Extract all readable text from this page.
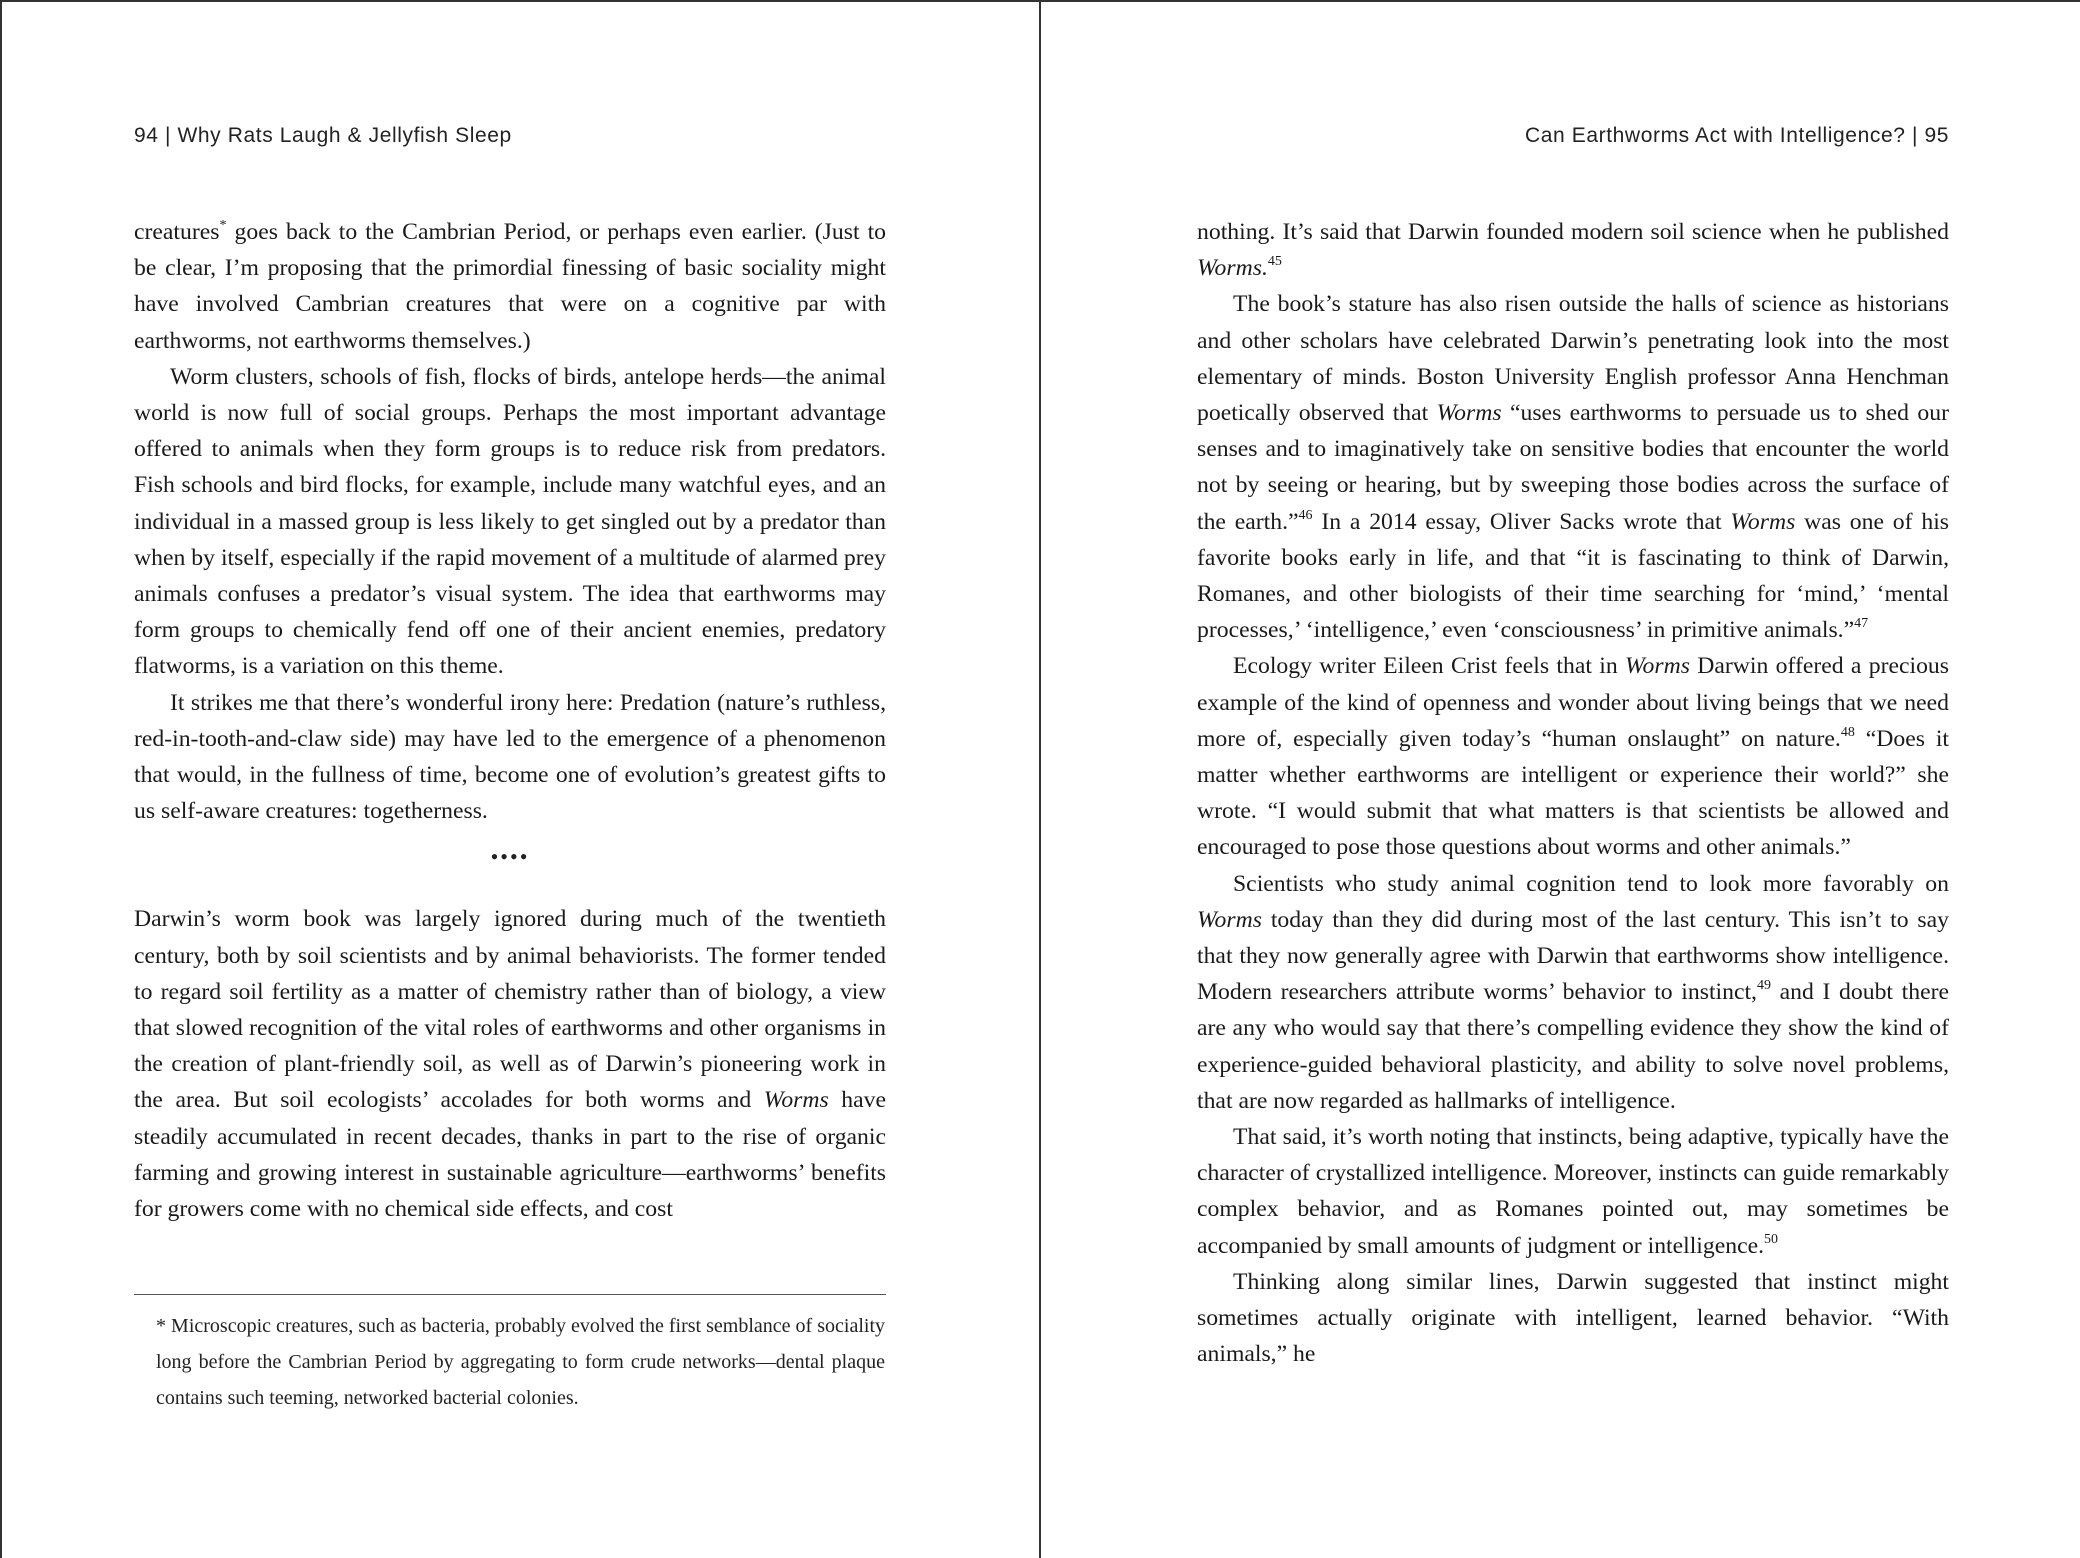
94 | Why Rats Laugh & Jellyfish Sleep

creatures* goes back to the Cambrian Period, or perhaps even earlier. (Just to be clear, I’m proposing that the primordial finessing of basic sociality might have involved Cambrian creatures that were on a cognitive par with earthworms, not earthworms themselves.)

Worm clusters, schools of fish, flocks of birds, antelope herds—the animal world is now full of social groups. Perhaps the most important advantage offered to animals when they form groups is to reduce risk from predators. Fish schools and bird flocks, for example, include many watchful eyes, and an individual in a massed group is less likely to get singled out by a predator than when by itself, especially if the rapid movement of a multitude of alarmed prey animals confuses a predator’s visual system. The idea that earthworms may form groups to chemically fend off one of their ancient enemies, predatory flatworms, is a variation on this theme.

It strikes me that there’s wonderful irony here: Predation (nature’s ruthless, red-in-tooth-and-claw side) may have led to the emergence of a phenomenon that would, in the fullness of time, become one of evolution’s greatest gifts to us self-aware creatures: togetherness.

••••

Darwin’s worm book was largely ignored during much of the twentieth century, both by soil scientists and by animal behaviorists. The former tended to regard soil fertility as a matter of chemistry rather than of biology, a view that slowed recognition of the vital roles of earthworms and other organisms in the creation of plant-friendly soil, as well as of Darwin’s pioneering work in the area. But soil ecologists’ accolades for both worms and Worms have steadily accumulated in recent decades, thanks in part to the rise of organic farming and growing interest in sustainable agriculture—earthworms’ benefits for growers come with no chemical side effects, and cost

* Microscopic creatures, such as bacteria, probably evolved the first semblance of sociality long before the Cambrian Period by aggregating to form crude networks—dental plaque contains such teeming, networked bacterial colonies.
Can Earthworms Act with Intelligence? | 95

nothing. It’s said that Darwin founded modern soil science when he published Worms.$^{45}$

The book’s stature has also risen outside the halls of science as historians and other scholars have celebrated Darwin’s penetrating look into the most elementary of minds. Boston University English professor Anna Henchman poetically observed that Worms “uses earthworms to persuade us to shed our senses and to imaginatively take on sensitive bodies that encounter the world not by seeing or hearing, but by sweeping those bodies across the surface of the earth.”$^{46}$ In a 2014 essay, Oliver Sacks wrote that Worms was one of his favorite books early in life, and that “it is fascinating to think of Darwin, Romanes, and other biologists of their time searching for ‘mind,’ ‘mental processes,’ ‘intelligence,’ even ‘consciousness’ in primitive animals.”$^{47}$

Ecology writer Eileen Crist feels that in Worms Darwin offered a precious example of the kind of openness and wonder about living beings that we need more of, especially given today’s “human onslaught” on nature.$^{48}$ “Does it matter whether earthworms are intelligent or experience their world?” she wrote. “I would submit that what matters is that scientists be allowed and encouraged to pose those questions about worms and other animals.”

Scientists who study animal cognition tend to look more favorably on Worms today than they did during most of the last century. This isn’t to say that they now generally agree with Darwin that earthworms show intelligence. Modern researchers attribute worms’ behavior to instinct,$^{49}$ and I doubt there are any who would say that there’s compelling evidence they show the kind of experience-guided behavioral plasticity, and ability to solve novel problems, that are now regarded as hallmarks of intelligence.

That said, it’s worth noting that instincts, being adaptive, typically have the character of crystallized intelligence. Moreover, instincts can guide remarkably complex behavior, and as Romanes pointed out, may sometimes be accompanied by small amounts of judgment or intelligence.$^{50}$

Thinking along similar lines, Darwin suggested that instinct might sometimes actually originate with intelligent, learned behavior. “With animals,” he
